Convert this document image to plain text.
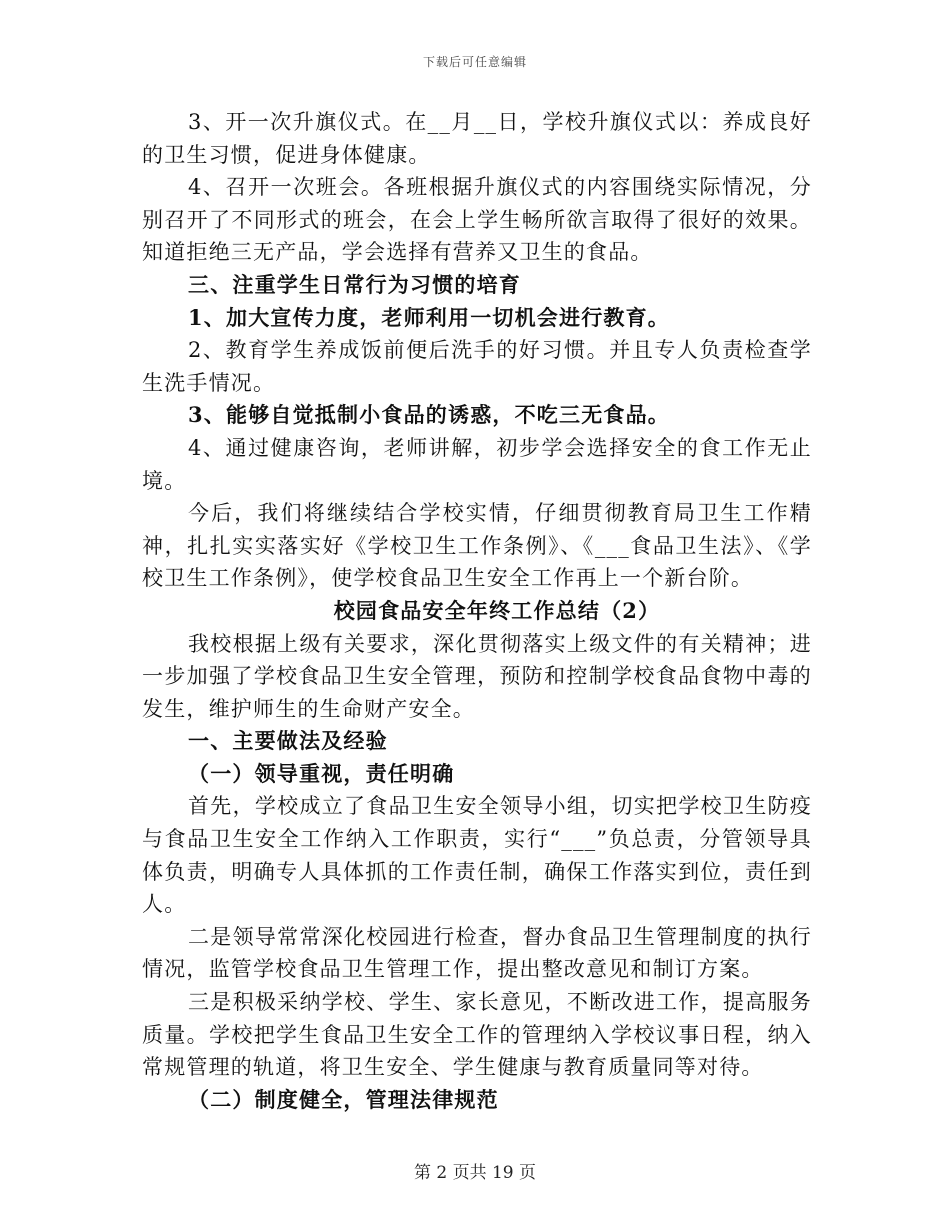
下载后可任意编辑

3、开一次升旗仪式。在__月__日，学校升旗仪式以：养成良好的卫生习惯，促进身体健康。

4、召开一次班会。各班根据升旗仪式的内容围绕实际情况，分别召开了不同形式的班会，在会上学生畅所欲言取得了很好的效果。知道拒绝三无产品，学会选择有营养又卫生的食品。

三、注重学生日常行为习惯的培育

1、加大宣传力度，老师利用一切机会进行教育。

2、教育学生养成饭前便后洗手的好习惯。并且专人负责检查学生洗手情况。

3、能够自觉抵制小食品的诱惑，不吃三无食品。

4、通过健康咨询，老师讲解，初步学会选择安全的食工作无止境。

今后，我们将继续结合学校实情，仔细贯彻教育局卫生工作精神，扎扎实实落实好《学校卫生工作条例》、《___食品卫生法》、《学校卫生工作条例》，使学校食品卫生安全工作再上一个新台阶。

校园食品安全年终工作总结（2）

我校根据上级有关要求，深化贯彻落实上级文件的有关精神；进一步加强了学校食品卫生安全管理，预防和控制学校食品食物中毒的发生，维护师生的生命财产安全。

一、主要做法及经验

（一）领导重视，责任明确

首先，学校成立了食品卫生安全领导小组，切实把学校卫生防疫与食品卫生安全工作纳入工作职责，实行“___”负总责，分管领导具体负责，明确专人具体抓的工作责任制，确保工作落实到位，责任到人。

二是领导常常深化校园进行检查，督办食品卫生管理制度的执行情况，监管学校食品卫生管理工作，提出整改意见和制订方案。

三是积极采纳学校、学生、家长意见，不断改进工作，提高服务质量。学校把学生食品卫生安全工作的管理纳入学校议事日程，纳入常规管理的轨道，将卫生安全、学生健康与教育质量同等对待。

（二）制度健全，管理法律规范

第 2 页共 19 页
